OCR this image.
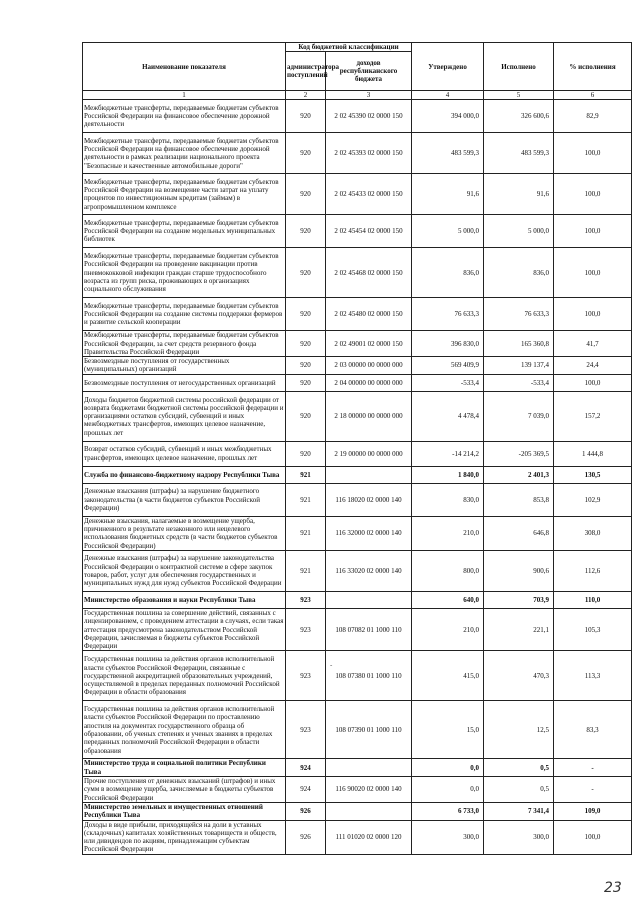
Наименование показателя	Код бюджетной классификации		Утверждено	Исполнено	% исполнения
	администратора поступлений	доходов республиканского бюджета			
1	2	3	4	5	6
Межбюджетные трансферты, передаваемые бюджетам субъектов Российской Федерации на финансовое обеспечение дорожной деятельности	920	2 02 45390 02 0000 150	394 000,0	326 600,6	82,9
Межбюджетные трансферты, передаваемые бюджетам субъектов Российской Федерации на финансовое обеспечение дорожной деятельности в рамках реализации национального проекта "Безопасные и качественные автомобильные дороги"	920	2 02 45393 02 0000 150	483 599,3	483 599,3	100,0
Межбюджетные трансферты, передаваемые бюджетам субъектов Российской Федерации на возмещение части затрат на уплату процентов по инвестиционным кредитам (займам) в агропромышленном комплексе	920	2 02 45433 02 0000 150	91,6	91,6	100,0
Межбюджетные трансферты, передаваемые бюджетам субъектов Российской Федерации на создание модельных муниципальных библиотек	920	2 02 45454 02 0000 150	5 000,0	5 000,0	100,0
Межбюджетные трансферты, передаваемые бюджетам субъектов Российской Федерации на проведение вакцинации против пневмококковой инфекции граждан старше трудоспособного возраста из групп риска, проживающих в организациях социального обслуживания	920	2 02 45468 02 0000 150	836,0	836,0	100,0
Межбюджетные трансферты, передаваемые бюджетам субъектов Российской Федерации на создание системы поддержки фермеров и развитие сельской кооперации	920	2 02 45480 02 0000 150	76 633,3	76 633,3	100,0
Межбюджетные трансферты, передаваемые бюджетам субъектов Российской Федерации, за счет средств резервного фонда Правительства Российской Федерации	920	2 02 49001 02 0000 150	396 830,0	165 360,8	41,7
Безвозмездные поступления от государственных (муниципальных) организаций	920	2 03 00000 00 0000 000	569 409,9	139 137,4	24,4
Безвозмездные поступления от негосударственных организаций	920	2 04 00000 00 0000 000	-533,4	-533,4	100,0
Доходы бюджетов бюджетной системы российской федерации от возврата бюджетами бюджетной системы российской федерации и организациями остатков субсидий, субвенций и иных межбюджетных трансфертов, имеющих целевое назначение, прошлых лет	920	2 18 00000 00 0000 000	4 478,4	7 039,0	157,2
Возврат остатков субсидий, субвенций и иных межбюджетных трансфертов, имеющих целевое назначение, прошлых лет	920	2 19 00000 00 0000 000	-14 214,2	-205 369,5	1 444,8
Служба по финансово-бюджетному надзору Республики Тыва	921		1 840,0	2 401,3	130,5
Денежные взыскания (штрафы) за нарушение бюджетного законодательства (в части бюджетов субъектов Российской Федерации)	921	116 18020 02 0000 140	830,0	853,8	102,9
Денежные взыскания, налагаемые в возмещение ущерба, причиненного в результате незаконного или нецелевого использования бюджетных средств (в части бюджетов субъектов Российской Федерации)	921	116 32000 02 0000 140	210,0	646,8	308,0
Денежные взыскания (штрафы) за нарушение законодательства Российской Федерации о контрактной системе в сфере закупок товаров, работ, услуг для обеспечения государственных и муниципальных нужд для нужд субъектов Российской Федерации	921	116 33020 02 0000 140	800,0	900,6	112,6
Министерство образования и науки Республики Тыва	923		640,0	703,9	110,0
Государственная пошлина за совершение действий, связанных с лицензированием, с проведением аттестации в случаях, если такая аттестация предусмотрена законодательством Российской Федерации, зачисляемая в бюджеты субъектов Российской Федерации	923	108 07082 01 1000 110	210,0	221,1	105,3
Государственная пошлина за действия органов исполнительной власти субъектов Российской Федерации, связанные с государственной аккредитацией образовательных учреждений, осуществляемой в пределах переданных полномочий Российской Федерации в области образования	923	108 07380 01 1000 110	415,0	470,3	113,3
Государственная пошлина за действия органов исполнительной власти субъектов Российской Федерации по проставлению апостиля на документах государственного образца об образовании, об ученых степенях и ученых званиях в пределах переданных полномочий Российской Федерации в области образования	923	108 07390 01 1000 110	15,0	12,5	83,3
Министерство труда и социальной политики Республики Тыва	924		0,0	0,5	-
Прочие поступления от денежных взысканий (штрафов) и иных сумм в возмещение ущерба, зачисляемые в бюджеты субъектов Российской Федерации	924	116 90020 02 0000 140	0,0	0,5	-
Министерство земельных и имущественных отношений Республики Тыва	926		6 733,0	7 341,4	109,0
Доходы в виде прибыли, приходящейся на доли в уставных (складочных) капиталах хозяйственных товариществ и обществ, или дивидендов по акциям, принадлежащим субъектам Российской Федерации	926	111 01020 02 0000 120	300,0	300,0	100,0
-
23
